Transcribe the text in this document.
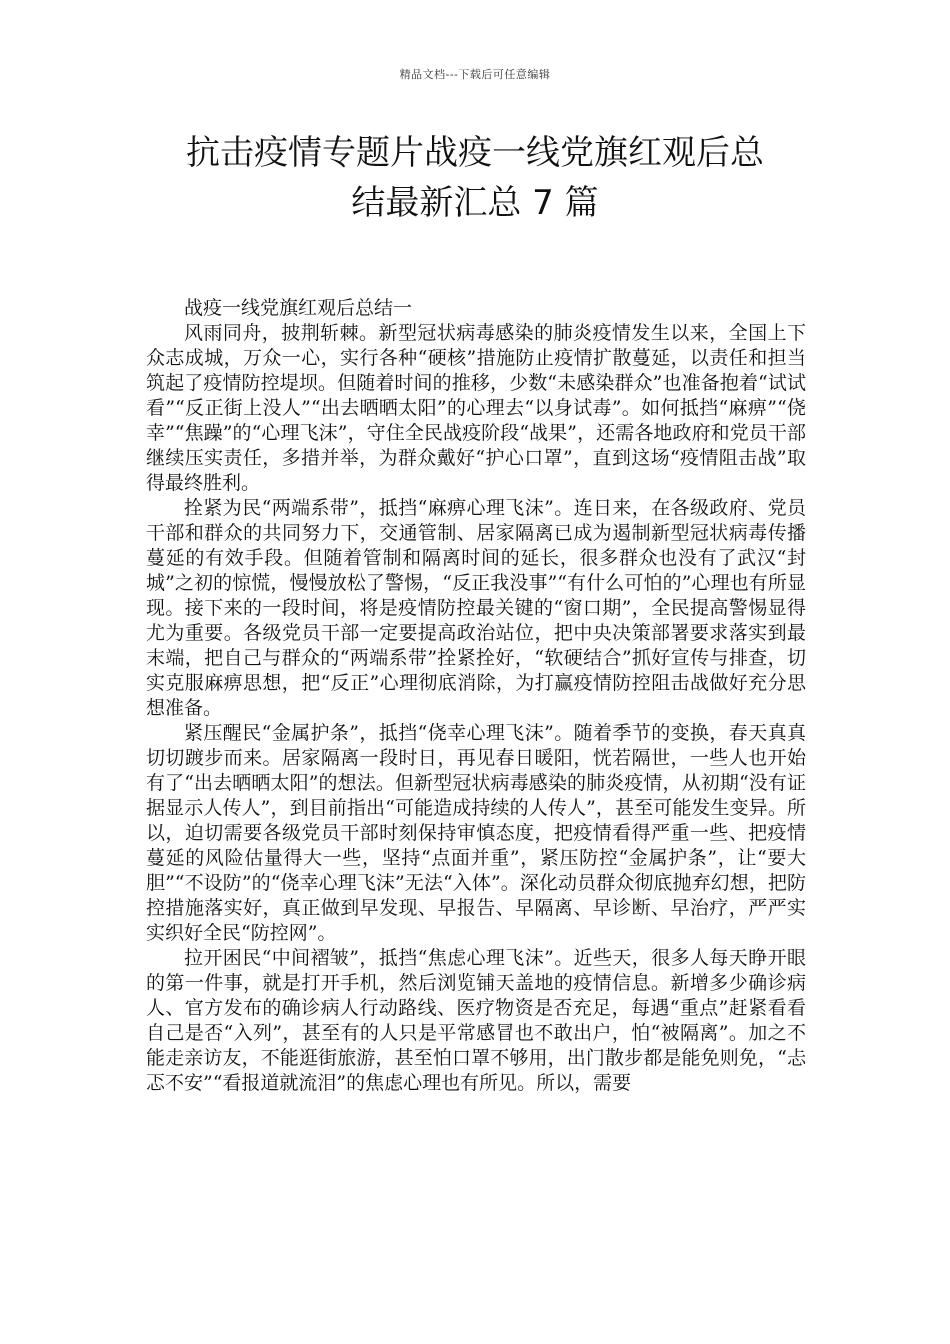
精品文档---下载后可任意编辑
抗击疫情专题片战疫一线党旗红观后总
结最新汇总 7 篇

战疫一线党旗红观后总结一

风雨同舟，披荆斩棘。新型冠状病毒感染的肺炎疫情发生以来，全国上下众志成城，万众一心，实行各种“硬核”措施防止疫情扩散蔓延，以责任和担当筑起了疫情防控堤坝。但随着时间的推移，少数“未感染群众”也准备抱着“试试看”“反正街上没人”“出去晒晒太阳”的心理去“以身试毒”。如何抵挡“麻痹”“侥幸”“焦躁”的“心理飞沫”，守住全民战疫阶段“战果”，还需各地政府和党员干部继续压实责任，多措并举，为群众戴好“护心口罩”，直到这场“疫情阻击战”取得最终胜利。

拴紧为民“两端系带”，抵挡“麻痹心理飞沫”。连日来，在各级政府、党员干部和群众的共同努力下，交通管制、居家隔离已成为遏制新型冠状病毒传播蔓延的有效手段。但随着管制和隔离时间的延长，很多群众也没有了武汉“封城”之初的惊慌，慢慢放松了警惕，“反正我没事”“有什么可怕的”心理也有所显现。接下来的一段时间，将是疫情防控最关键的“窗口期”，全民提高警惕显得尤为重要。各级党员干部一定要提高政治站位，把中央决策部署要求落实到最末端，把自己与群众的“两端系带”拴紧拴好，“软硬结合”抓好宣传与排查，切实克服麻痹思想，把“反正”心理彻底消除，为打赢疫情防控阻击战做好充分思想准备。

紧压醒民“金属护条”，抵挡“侥幸心理飞沫”。随着季节的变换，春天真真切切踱步而来。居家隔离一段时日，再见春日暖阳，恍若隔世，一些人也开始有了“出去晒晒太阳”的想法。但新型冠状病毒感染的肺炎疫情，从初期“没有证据显示人传人”，到目前指出“可能造成持续的人传人”，甚至可能发生变异。所以，迫切需要各级党员干部时刻保持审慎态度，把疫情看得严重一些、把疫情蔓延的风险估量得大一些，坚持“点面并重”，紧压防控“金属护条”，让“要大胆”“不设防”的“侥幸心理飞沫”无法“入体”。深化动员群众彻底抛弃幻想，把防控措施落实好，真正做到早发现、早报告、早隔离、早诊断、早治疗，严严实实织好全民“防控网”。

拉开困民“中间褶皱”，抵挡“焦虑心理飞沫”。近些天，很多人每天睁开眼的第一件事，就是打开手机，然后浏览铺天盖地的疫情信息。新增多少确诊病人、官方发布的确诊病人行动路线、医疗物资是否充足，每遇“重点”赶紧看看自己是否“入列”，甚至有的人只是平常感冒也不敢出户，怕“被隔离”。加之不能走亲访友，不能逛街旅游，甚至怕口罩不够用，出门散步都是能免则免，“忐忑不安”“看报道就流泪”的焦虑心理也有所见。所以，需要
